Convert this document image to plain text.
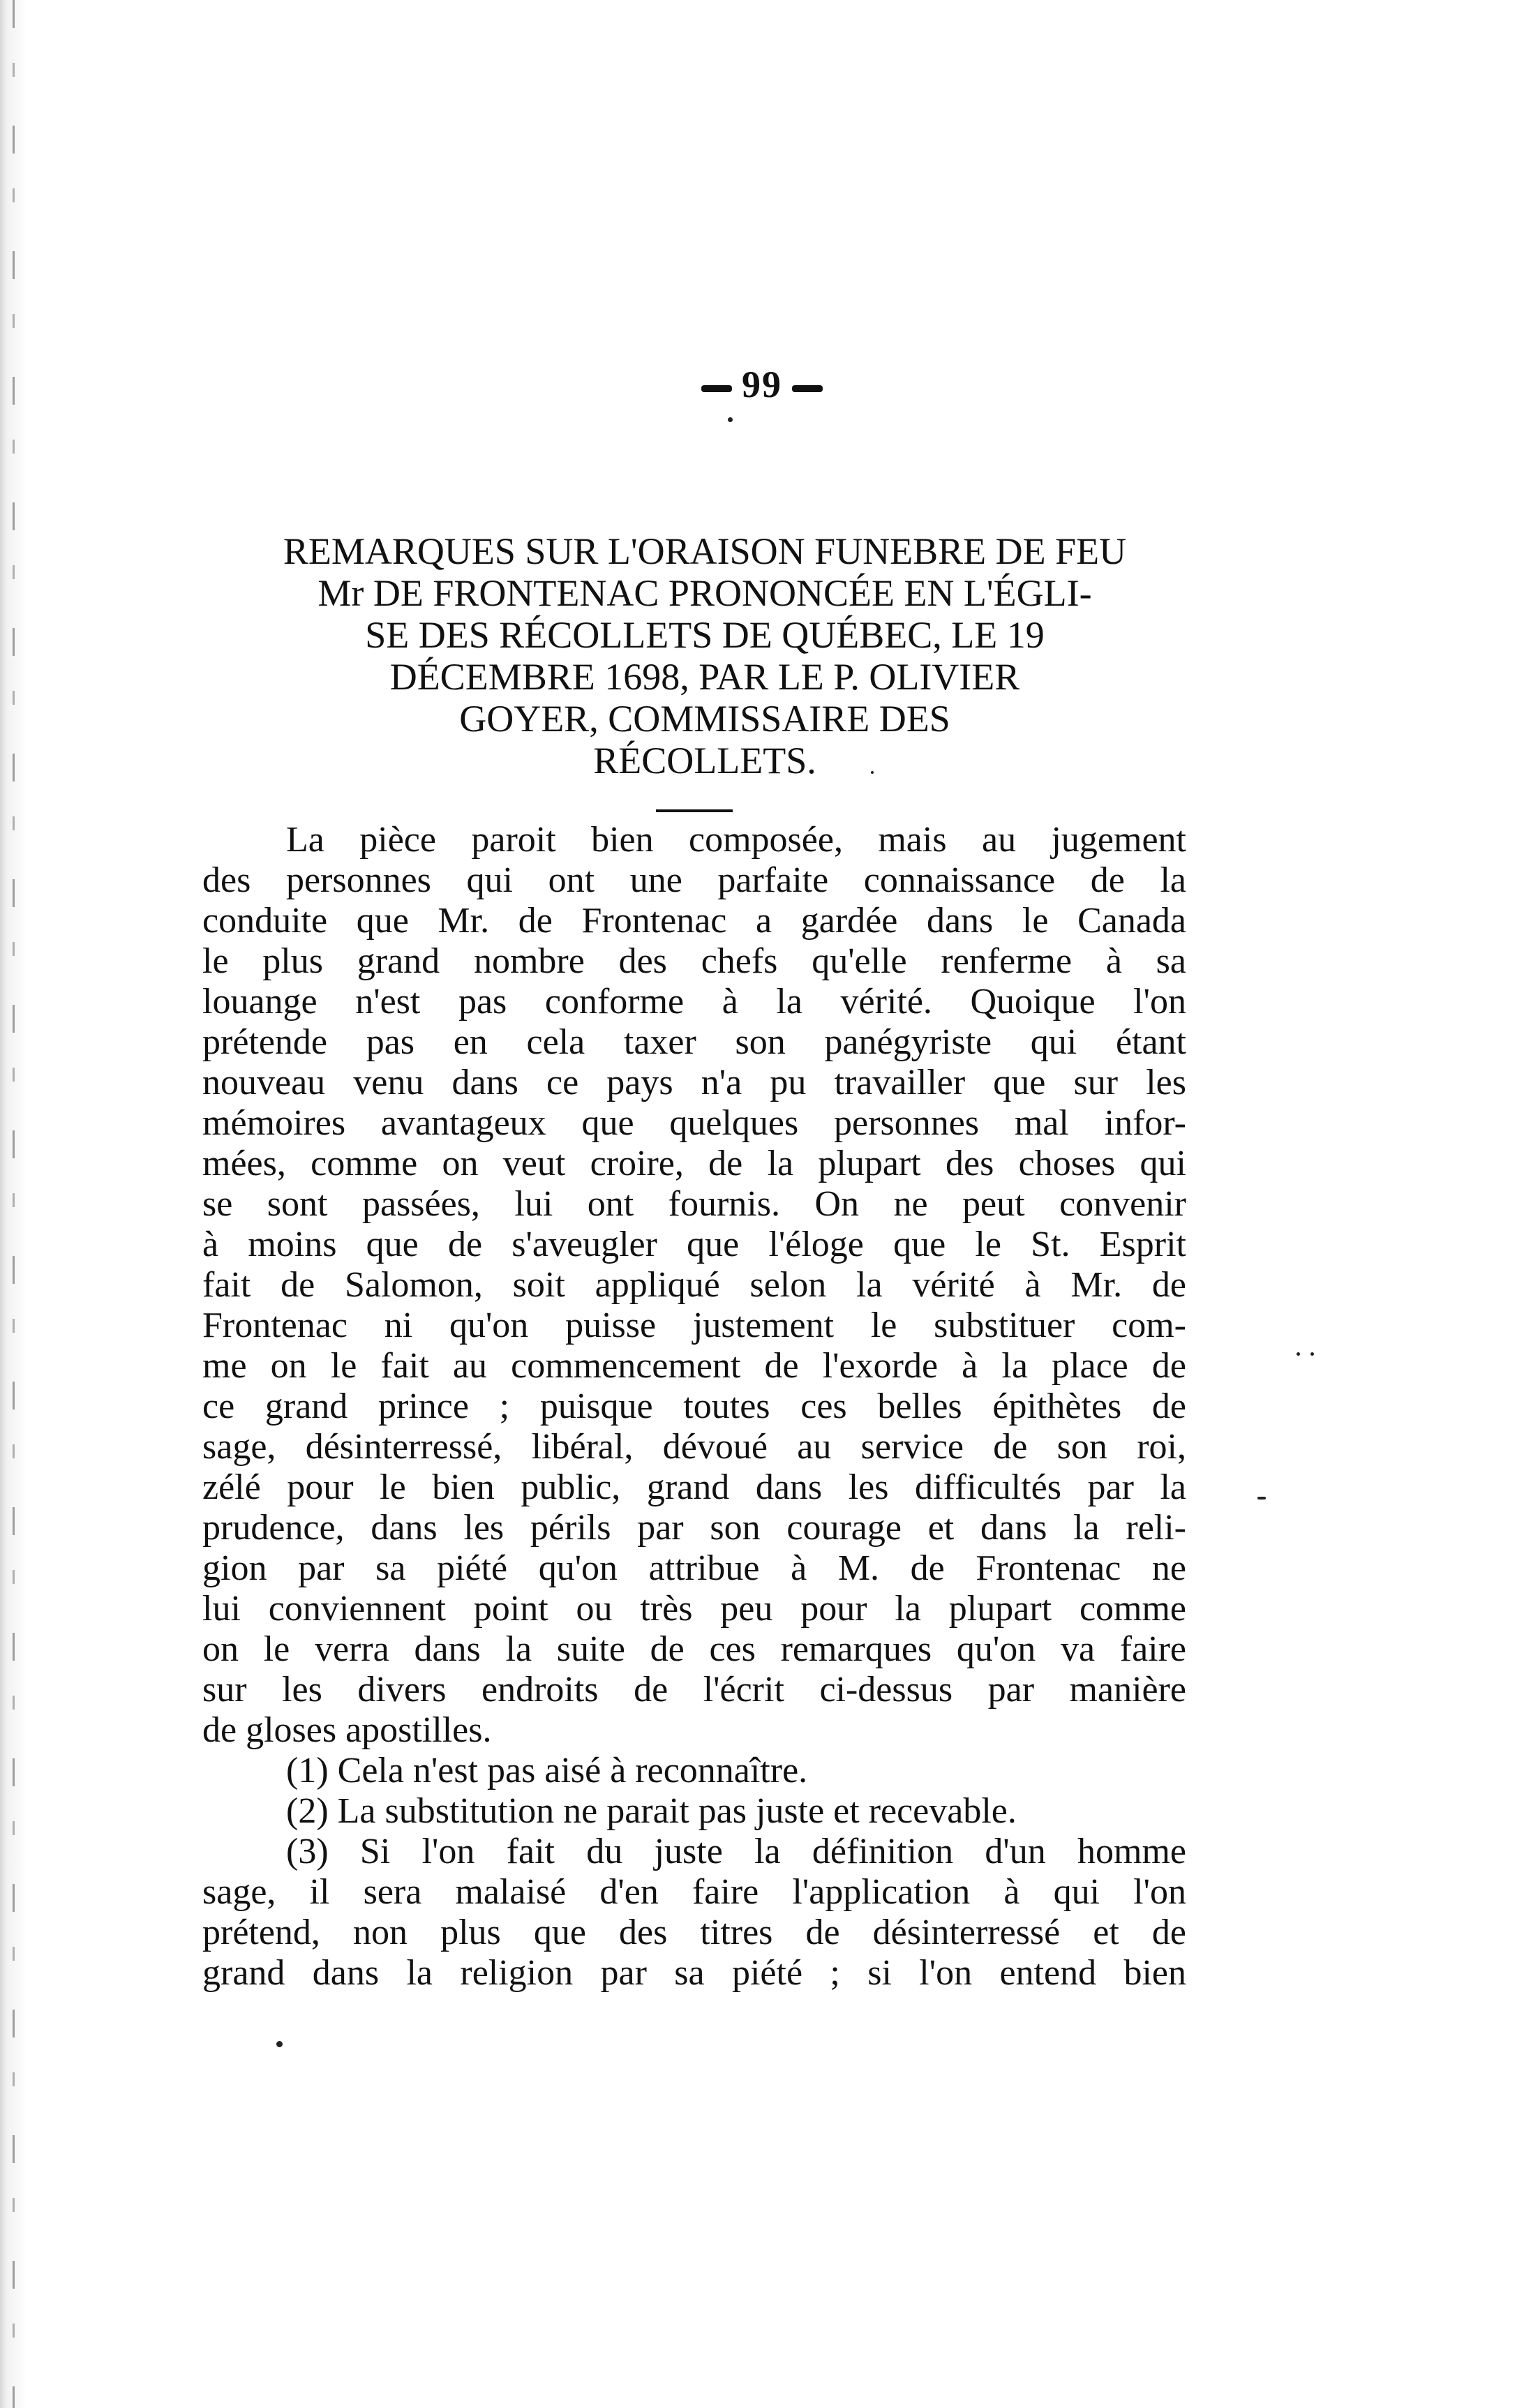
99
REMARQUES SUR L'ORAISON FUNEBRE DE FEU
Mr DE FRONTENAC PRONONCÉE EN L'ÉGLI-
SE DES RÉCOLLETS DE QUÉBEC, LE 19
DÉCEMBRE 1698, PAR LE P. OLIVIER
GOYER, COMMISSAIRE DES
RÉCOLLETS.
La pièce paroit bien composée, mais au jugement
des personnes qui ont une parfaite connaissance de la
conduite que Mr. de Frontenac a gardée dans le Canada
le plus grand nombre des chefs qu'elle renferme à sa
louange n'est pas conforme à la vérité. Quoique l'on
prétende pas en cela taxer son panégyriste qui étant
nouveau venu dans ce pays n'a pu travailler que sur les
mémoires avantageux que quelques personnes mal infor-
mées, comme on veut croire, de la plupart des choses qui
se sont passées, lui ont fournis. On ne peut convenir
à moins que de s'aveugler que l'éloge que le St. Esprit
fait de Salomon, soit appliqué selon la vérité à Mr. de
Frontenac ni qu'on puisse justement le substituer com-
me on le fait au commencement de l'exorde à la place de
ce grand prince ; puisque toutes ces belles épithètes de
sage, désinterressé, libéral, dévoué au service de son roi,
zélé pour le bien public, grand dans les difficultés par la
prudence, dans les périls par son courage et dans la reli-
gion par sa piété qu'on attribue à M. de Frontenac ne
lui conviennent point ou très peu pour la plupart comme
on le verra dans la suite de ces remarques qu'on va faire
sur les divers endroits de l'écrit ci-dessus par manière
de gloses apostilles.
(1) Cela n'est pas aisé à reconnaître.
(2) La substitution ne parait pas juste et recevable.
(3) Si l'on fait du juste la définition d'un homme
sage, il sera malaisé d'en faire l'application à qui l'on
prétend, non plus que des titres de désinterressé et de
grand dans la religion par sa piété ; si l'on entend bien
